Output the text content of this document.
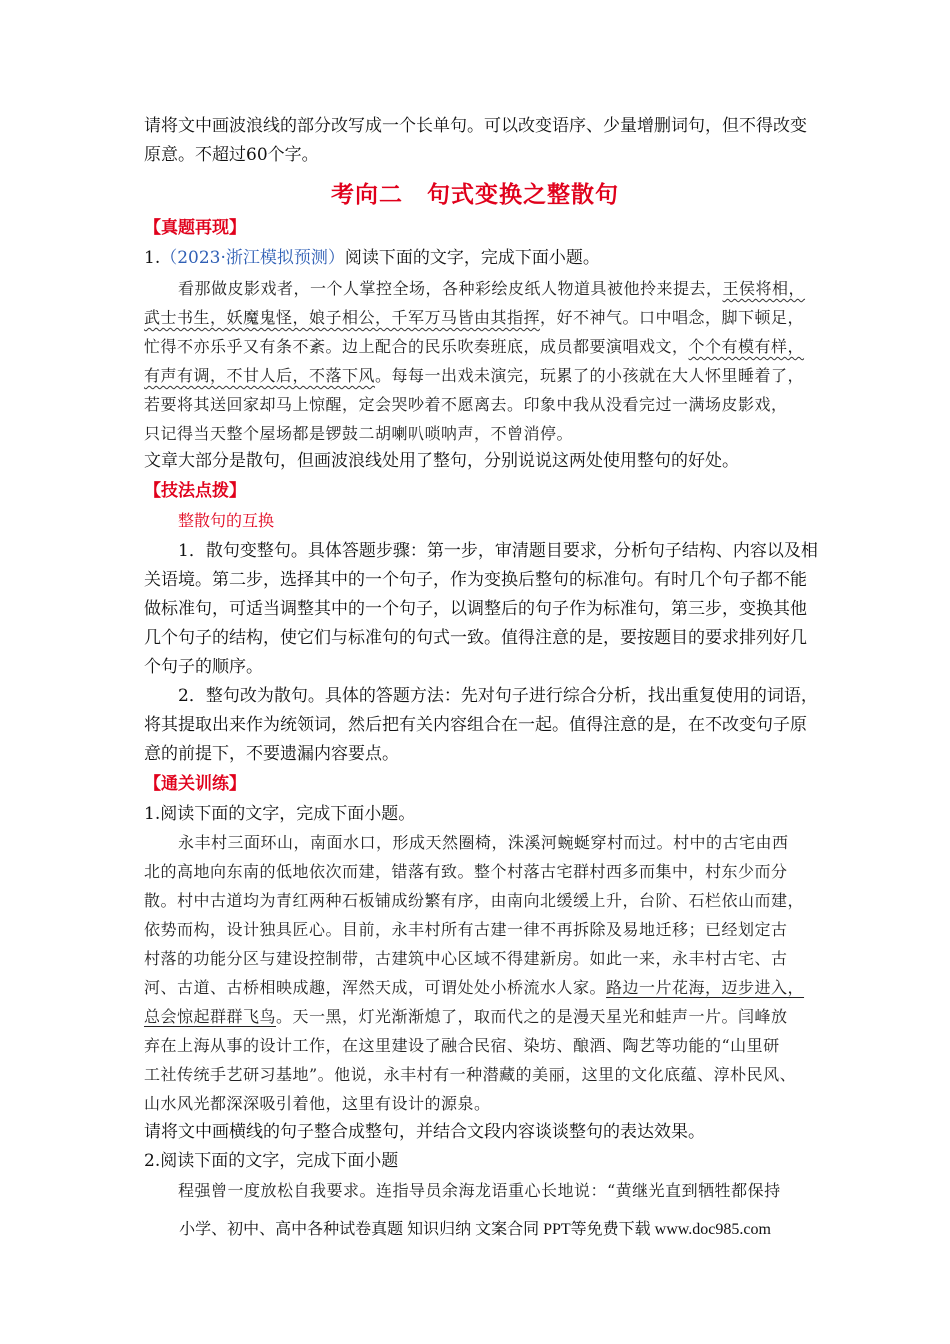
请将文中画波浪线的部分改写成一个长单句。可以改变语序、少量增删词句，但不得改变
原意。不超过60个字。
考向二　句式变换之整散句
【真题再现】
1.（2023·浙江模拟预测）阅读下面的文字，完成下面小题。
看那做皮影戏者，一个人掌控全场，各种彩绘皮纸人物道具被他拎来提去，王侯将相，
武士书生，妖魔鬼怪，娘子相公，千军万马皆由其指挥，好不神气。口中唱念，脚下顿足，
忙得不亦乐乎又有条不紊。边上配合的民乐吹奏班底，成员都要演唱戏文，个个有模有样，
有声有调，不甘人后，不落下风。每每一出戏未演完，玩累了的小孩就在大人怀里睡着了，
若要将其送回家却马上惊醒，定会哭吵着不愿离去。印象中我从没看完过一满场皮影戏，
只记得当天整个屋场都是锣鼓二胡喇叭唢呐声，不曾消停。
文章大部分是散句，但画波浪线处用了整句，分别说说这两处使用整句的好处。
【技法点拨】
整散句的互换
1．散句变整句。具体答题步骤：第一步，审清题目要求，分析句子结构、内容以及相
关语境。第二步，选择其中的一个句子，作为变换后整句的标准句。有时几个句子都不能
做标准句，可适当调整其中的一个句子，以调整后的句子作为标准句，第三步，变换其他
几个句子的结构，使它们与标准句的句式一致。值得注意的是，要按题目的要求排列好几
个句子的顺序。
2．整句改为散句。具体的答题方法：先对句子进行综合分析，找出重复使用的词语，
将其提取出来作为统领词，然后把有关内容组合在一起。值得注意的是，在不改变句子原
意的前提下，不要遗漏内容要点。
【通关训练】
1.阅读下面的文字，完成下面小题。
永丰村三面环山，南面水口，形成天然圈椅，洙溪河蜿蜒穿村而过。村中的古宅由西
北的高地向东南的低地依次而建，错落有致。整个村落古宅群村西多而集中，村东少而分
散。村中古道均为青红两种石板铺成纷繁有序，由南向北缓缓上升，台阶、石栏依山而建，
依势而构，设计独具匠心。目前，永丰村所有古建一律不再拆除及易地迁移；已经划定古
村落的功能分区与建设控制带，古建筑中心区域不得建新房。如此一来，永丰村古宅、古
河、古道、古桥相映成趣，浑然天成，可谓处处小桥流水人家。路边一片花海，迈步进入，
总会惊起群群飞鸟。天一黑，灯光渐渐熄了，取而代之的是漫天星光和蛙声一片。闫峰放
弃在上海从事的设计工作，在这里建设了融合民宿、染坊、酿酒、陶艺等功能的“山里研
工社传统手艺研习基地”。他说，永丰村有一种潜藏的美丽，这里的文化底蕴、淳朴民风、
山水风光都深深吸引着他，这里有设计的源泉。
请将文中画横线的句子整合成整句，并结合文段内容谈谈整句的表达效果。
2.阅读下面的文字，完成下面小题
程强曾一度放松自我要求。连指导员余海龙语重心长地说：“黄继光直到牺牲都保持
小学、初中、高中各种试卷真题 知识归纳 文案合同 PPT等免费下载 www.doc985.com
